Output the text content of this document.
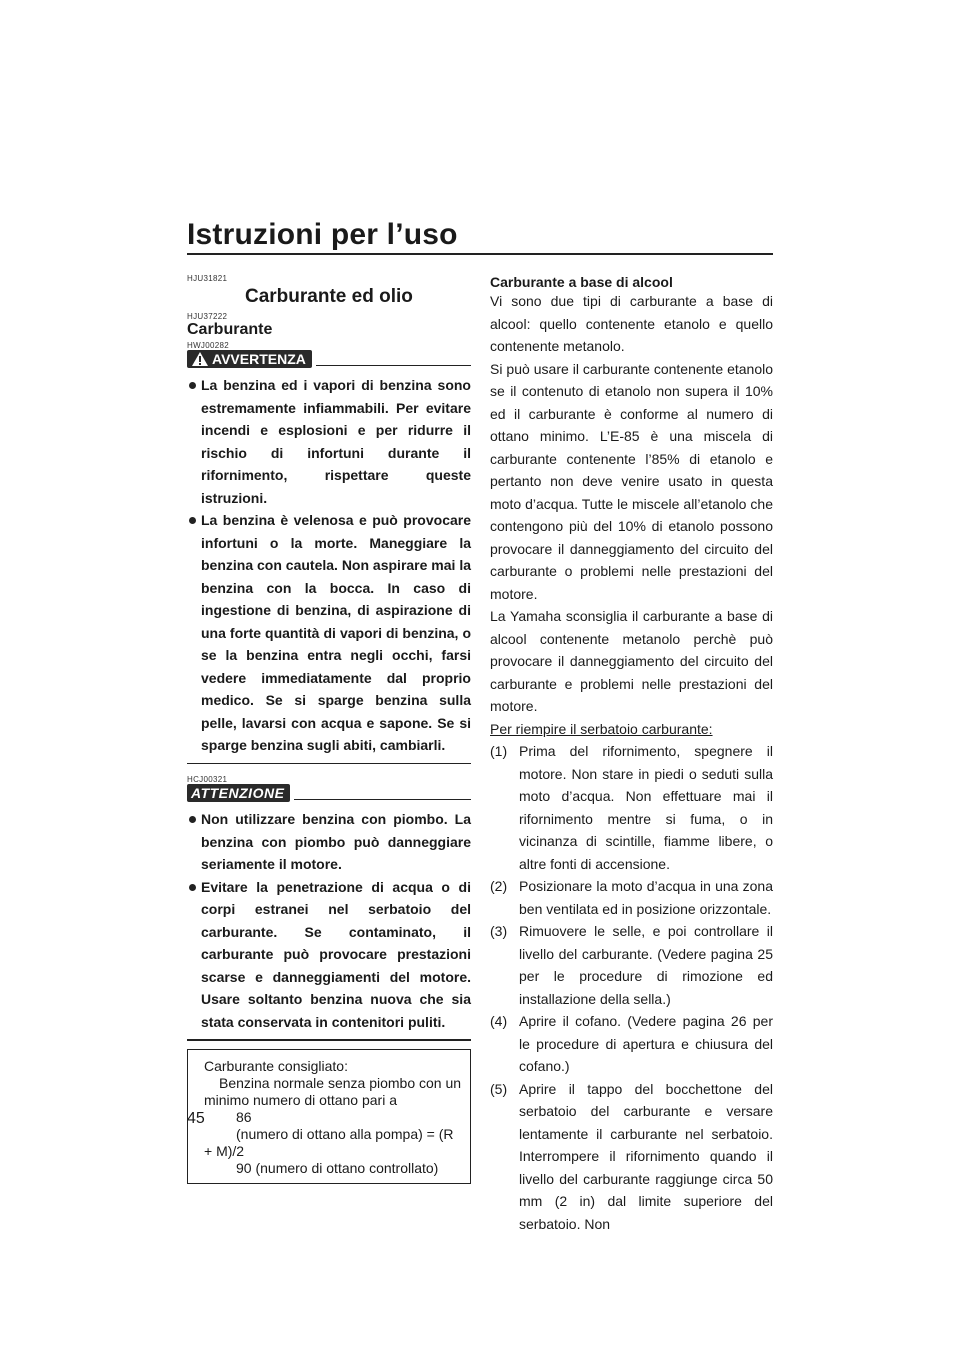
Istruzioni per l’uso
HJU31821
Carburante ed olio
HJU37222
Carburante
HWJ00282
AVVERTENZA
La benzina ed i vapori di benzina sono estremamente infiammabili. Per evitare incendi e esplosioni e per ridurre il rischio di infortuni durante il rifornimento, rispettare queste istruzioni.
La benzina è velenosa e può provocare infortuni o la morte. Maneggiare la benzina con cautela. Non aspirare mai la benzina con la bocca. In caso di ingestione di benzina, di aspirazione di una forte quantità di vapori di benzina, o se la benzina entra negli occhi, farsi vedere immediatamente dal proprio medico. Se si sparge benzina sulla pelle, lavarsi con acqua e sapone. Se si sparge benzina sugli abiti, cambiarli.
HCJ00321
ATTENZIONE
Non utilizzare benzina con piombo. La benzina con piombo può danneggiare seriamente il motore.
Evitare la penetrazione di acqua o di corpi estranei nel serbatoio del carburante. Se contaminato, il carburante può provocare prestazioni scarse e danneggiamenti del motore. Usare soltanto benzina nuova che sia stata conservata in contenitori puliti.
Carburante consigliato:
Benzina normale senza piombo con un
minimo numero di ottano pari a
86
(numero di ottano alla pompa) = (R
+ M)/2
90 (numero di ottano controllato)
Carburante a base di alcool

Vi sono due tipi di carburante a base di alcool: quello contenente etanolo e quello contenente metanolo.

Si può usare il carburante contenente etanolo se il contenuto di etanolo non supera il 10% ed il carburante è conforme al numero di ottano minimo. L’E-85 è una miscela di carburante contenente l’85% di etanolo e pertanto non deve venire usato in questa moto d’acqua. Tutte le miscele all’etanolo che contengono più del 10% di etanolo possono provocare il danneggiamento del circuito del carburante o problemi nelle prestazioni del motore.

La Yamaha sconsiglia il carburante a base di alcool contenente metanolo perchè può provocare il danneggiamento del circuito del carburante e problemi nelle prestazioni del motore.

Per riempire il serbatoio carburante:

(1) Prima del rifornimento, spegnere il motore. Non stare in piedi o seduti sulla moto d’acqua. Non effettuare mai il rifornimento mentre si fuma, o in vicinanza di scintille, fiamme libere, o altre fonti di accensione.
(2) Posizionare la moto d’acqua in una zona ben ventilata ed in posizione orizzontale.
(3) Rimuovere le selle, e poi controllare il livello del carburante. (Vedere pagina 25 per le procedure di rimozione ed installazione della sella.)
(4) Aprire il cofano. (Vedere pagina 26 per le procedure di apertura e chiusura del cofano.)
(5) Aprire il tappo del bocchettone del serbatoio del carburante e versare lentamente il carburante nel serbatoio. Interrompere il rifornimento quando il livello del carburante raggiunge circa 50 mm (2 in) dal limite superiore del serbatoio. Non
45
